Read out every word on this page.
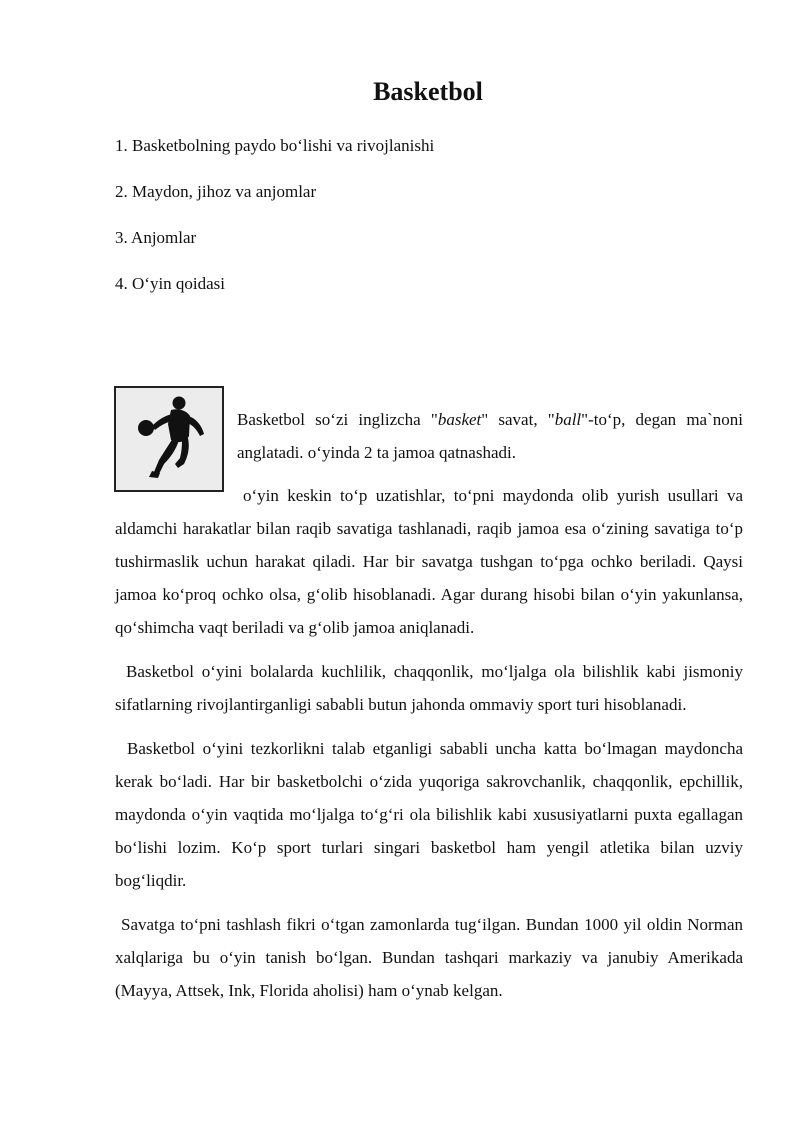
Basketbol
1. Basketbolning paydo bo‘lishi va rivojlanishi
2. Maydon, jihoz va anjomlar
3. Anjomlar
4. O‘yin qoidasi

Basketbol so‘zi inglizcha "basket" savat, "ball"-to‘p, degan ma`noni anglatadi. o‘yinda 2 ta jamoa qatnashadi.

o‘yin keskin to‘p uzatishlar, to‘pni maydonda olib yurish usullari va aldamchi harakatlar bilan raqib savatiga tashlanadi, raqib jamoa esa o‘zining savatiga to‘p tushirmaslik uchun harakat qiladi. Har bir savatga tushgan to‘pga ochko beriladi. Qaysi jamoa ko‘proq ochko olsa, g‘olib hisoblanadi. Agar durang hisobi bilan o‘yin yakunlansa, qo‘shimcha vaqt beriladi va g‘olib jamoa aniqlanadi.

Basketbol o‘yini bolalarda kuchlilik, chaqqonlik, mo‘ljalga ola bilishlik kabi jismoniy sifatlarning rivojlantirganligi sababli butun jahonda ommaviy sport turi hisoblanadi.

Basketbol o‘yini tezkorlikni talab etganligi sababli uncha katta bo‘lmagan maydoncha kerak bo‘ladi. Har bir basketbolchi o‘zida yuqoriga sakrovchanlik, chaqqonlik, epchillik, maydonda o‘yin vaqtida mo‘ljalga to‘g‘ri ola bilishlik kabi xususiyatlarni puxta egallagan bo‘lishi lozim. Ko‘p sport turlari singari basketbol ham yengil atletika bilan uzviy bog‘liqdir.

Savatga to‘pni tashlash fikri o‘tgan zamonlarda tug‘ilgan. Bundan 1000 yil oldin Norman xalqlariga bu o‘yin tanish bo‘lgan. Bundan tashqari markaziy va janubiy Amerikada (Mayya, Attsek, Ink, Florida aholisi) ham o‘ynab kelgan.
